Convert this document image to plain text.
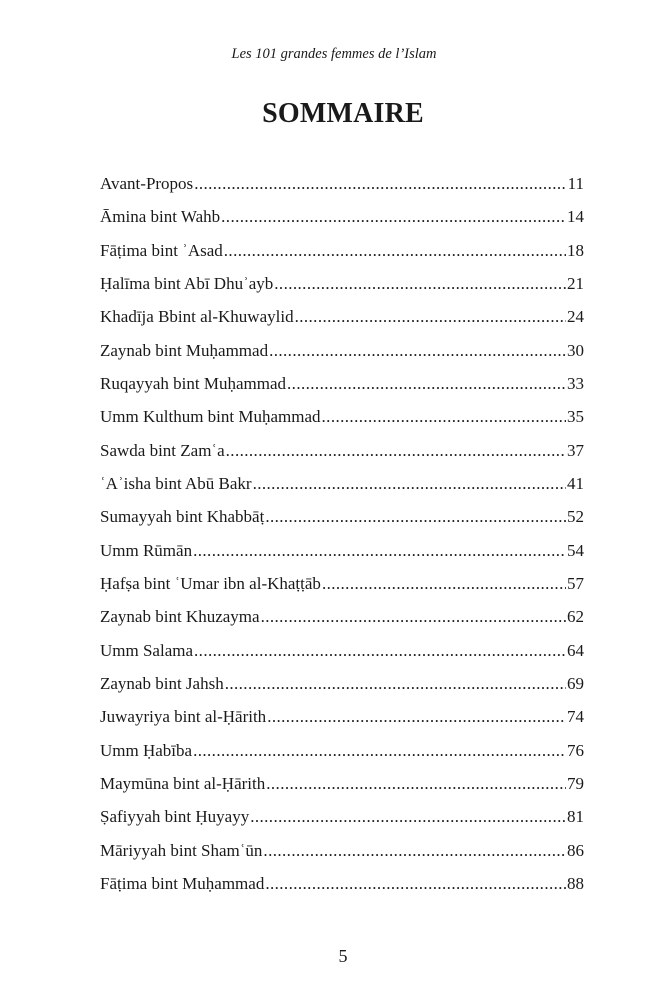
Les 101 grandes femmes de l’Islam
SOMMAIRE
Avant-Propos .....	11
Āmina bint Wahb .....	14
Fāṭima bint ʾAsad .....	18
Ḥalīma bint Abī Dhuʾayb .....	21
Khadīja Bbint al-Khuwaylid .....	24
Zaynab bint Muḥammad .....	30
Ruqayyah bint Muḥammad .....	33
Umm Kulthum bint Muḥammad .....	35
Sawda bint Zamʿa .....	37
ʿAʾisha bint Abū Bakr .....	41
Sumayyah bint Khabbāṭ .....	52
Umm Rūmān .....	54
Ḥafṣa bint ʿUmar ibn al-Khaṭṭāb .....	57
Zaynab bint Khuzayma .....	62
Umm Salama .....	64
Zaynab bint Jahsh .....	69
Juwayriya bint al-Ḥārith .....	74
Umm Ḥabība .....	76
Maymūna bint al-Ḥārith .....	79
Ṣafiyyah bint Ḥuyayy .....	81
Māriyyah bint Shamʿūn .....	86
Fāṭima bint Muḥammad .....	88
5
